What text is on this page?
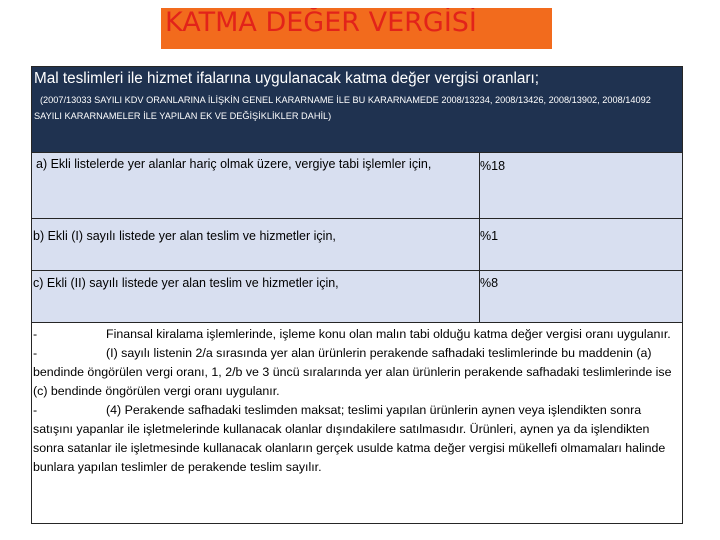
KATMA DEĞER VERGİSİ
Mal teslimleri ile hizmet ifalarına uygulanacak katma değer vergisi oranları;
(2007/13033 SAYILI KDV ORANLARINA İLİŞKİN GENEL KARARNAME İLE BU KARARNAMEDE 2008/13234, 2008/13426, 2008/13902, 2008/14092
SAYILI KARARNAMELER İLE YAPILAN EK VE DEĞİŞİKLİKLER DAHİL)
a) Ekli listelerde yer alanlar hariç olmak üzere, vergiye tabi işlemler için,	%18
b) Ekli (I) sayılı listede yer alan teslim ve hizmetler için,	%1
c) Ekli (II) sayılı listede yer alan teslim ve hizmetler için,	%8

-	Finansal kiralama işlemlerinde, işleme konu olan malın tabi olduğu katma değer vergisi oranı uygulanır.

-	(I) sayılı listenin 2/a sırasında yer alan ürünlerin perakende safhadaki teslimlerinde bu maddenin (a) bendinde öngörülen vergi oranı, 1, 2/b ve 3 üncü sıralarında yer alan ürünlerin perakende safhadaki teslimlerinde ise (c) bendinde öngörülen vergi oranı uygulanır.

-	(4) Perakende safhadaki teslimden maksat; teslimi yapılan ürünlerin aynen veya işlendikten sonra satışını yapanlar ile işletmelerinde kullanacak olanlar dışındakilere satılmasıdır. Ürünleri, aynen ya da işlendikten sonra satanlar ile işletmesinde kullanacak olanların gerçek usulde katma değer vergisi mükellefi olmamaları halinde bunlara yapılan teslimler de perakende teslim sayılır.
